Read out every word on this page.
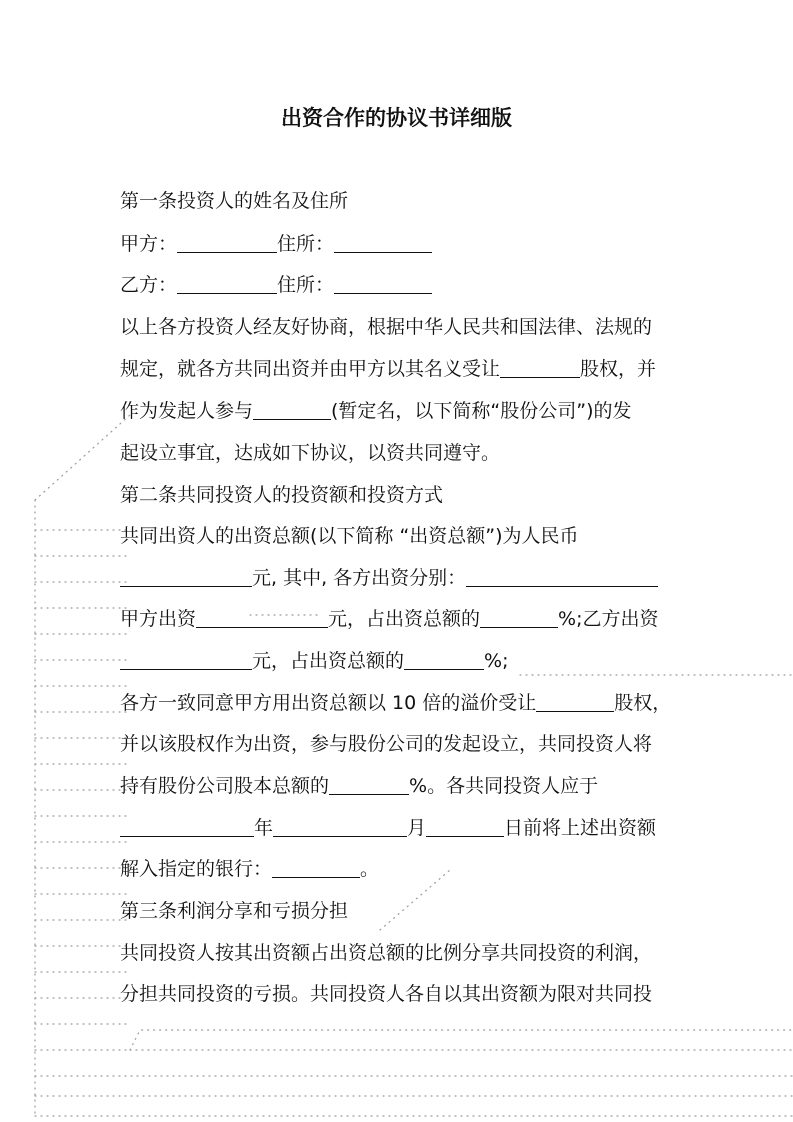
出资合作的协议书详细版
第一条投资人的姓名及住所
甲方：	住所：
乙方：	住所：
以上各方投资人经友好协商，根据中华人民共和国法律、法规的
规定，就各方共同出资并由甲方以其名义受让	股权，并
作为发起人参与	(暂定名，以下简称“股份公司”)的发
起设立事宜，达成如下协议，以资共同遵守。
第二条共同投资人的投资额和投资方式
共同出资人的出资总额(以下简称 “出资总额”)为人民币
元, 其中, 各方出资分别：
甲方出资	元，占出资总额的	%;乙方出资
元，占出资总额的	%;
各方一致同意甲方用出资总额以 10 倍的溢价受让	股权，
并以该股权作为出资，参与股份公司的发起设立，共同投资人将
持有股份公司股本总额的	%。各共同投资人应于
年	月	日前将上述出资额
解入指定的银行：	。
第三条利润分享和亏损分担
共同投资人按其出资额占出资总额的比例分享共同投资的利润，
分担共同投资的亏损。共同投资人各自以其出资额为限对共同投
